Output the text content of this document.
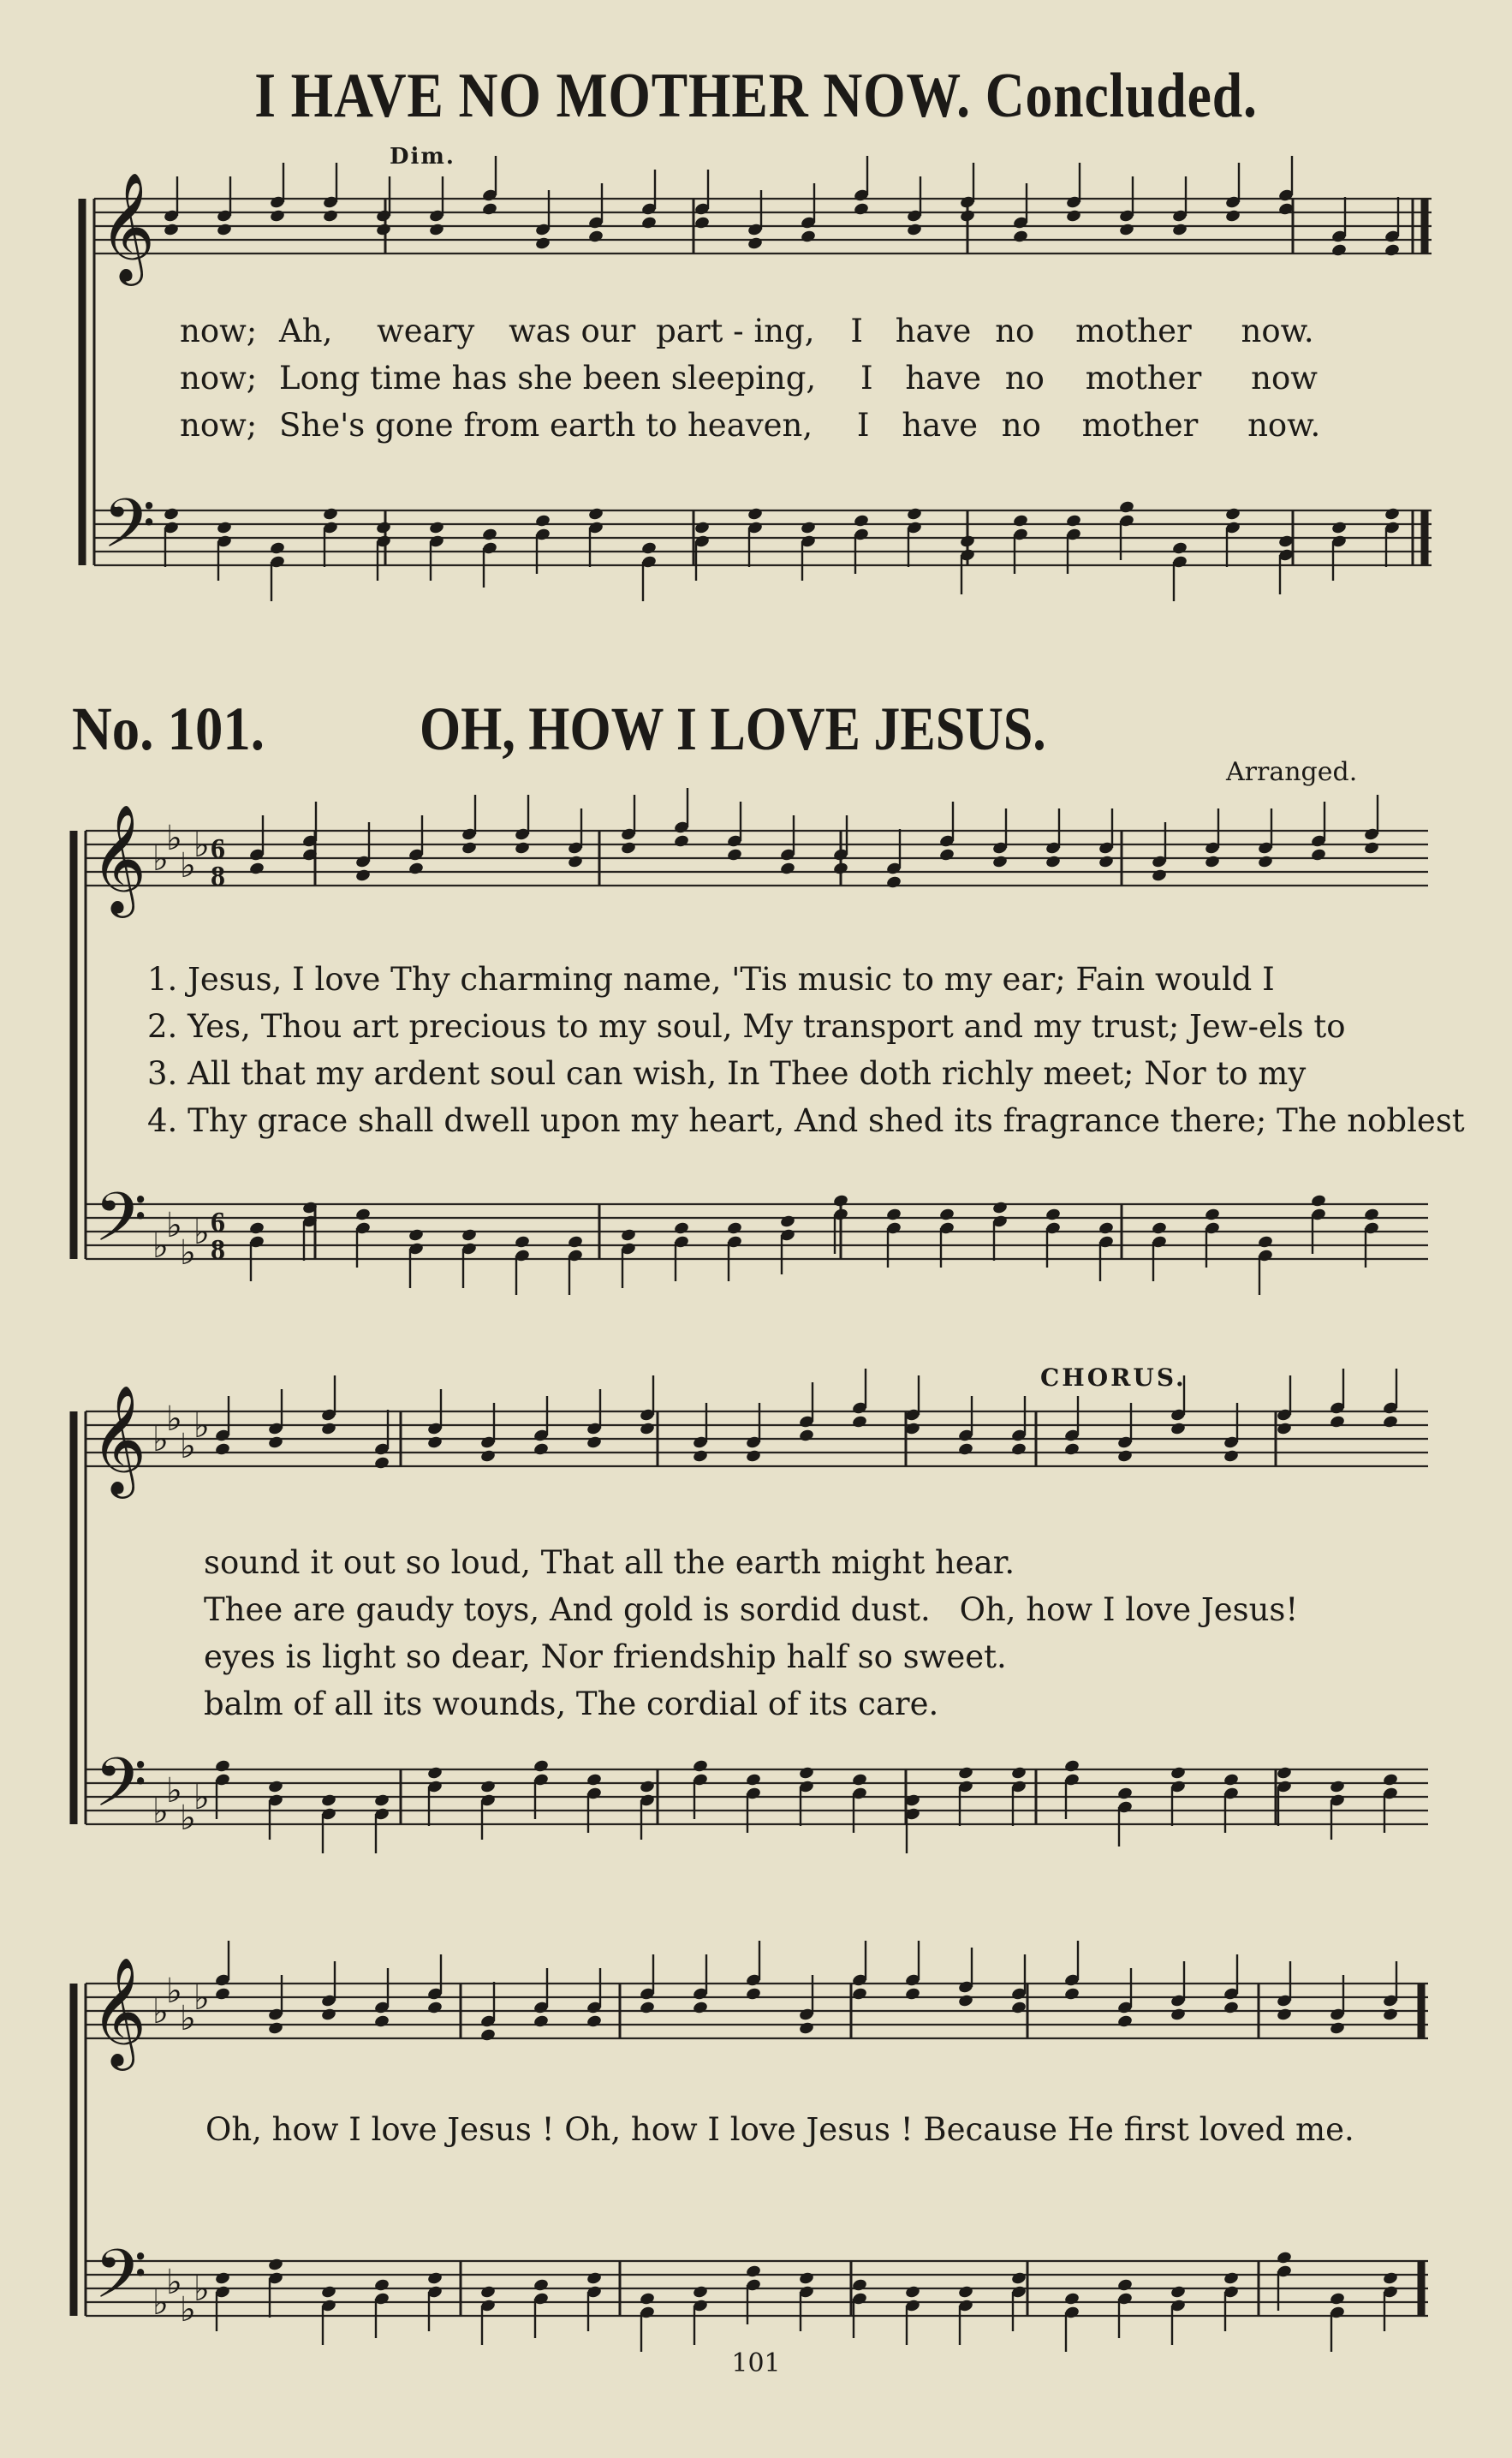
I HAVE NO MOTHER NOW. Concluded.
Dim.
now; Ah, weary was our part - ing, I have no mother now.
now; Long time has she been sleeping, I have no mother now
now; She's gone from earth to heaven, I have no mother now.
No. 101.	OH, HOW I LOVE JESUS.
Arranged.
1. Jesus, I love Thy charming name, 'Tis music to my ear; Fain would I
2. Yes, Thou art precious to my soul, My transport and my trust; Jew-els to
3. All that my ardent soul can wish, In Thee doth richly meet; Nor to my
4. Thy grace shall dwell upon my heart, And shed its fragrance there; The noblest
CHORUS.
sound it out so loud, That all the earth might hear.
Thee are gaudy toys, And gold is sordid dust. Oh, how I love Jesus!
eyes is light so dear, Nor friendship half so sweet.
balm of all its wounds, The cordial of its care.
Oh, how I love Jesus ! Oh, how I love Jesus ! Because He first loved me.
101
𝄞
𝄢
𝄞
𝄢
♭
♭
♭
♭
♭
♭
♭
♭
6
8
6
8
𝄞
𝄢
♭
♭
♭
♭
♭
♭
♭
♭
𝄞
𝄢
♭
♭
♭
♭
♭
♭
♭
♭
